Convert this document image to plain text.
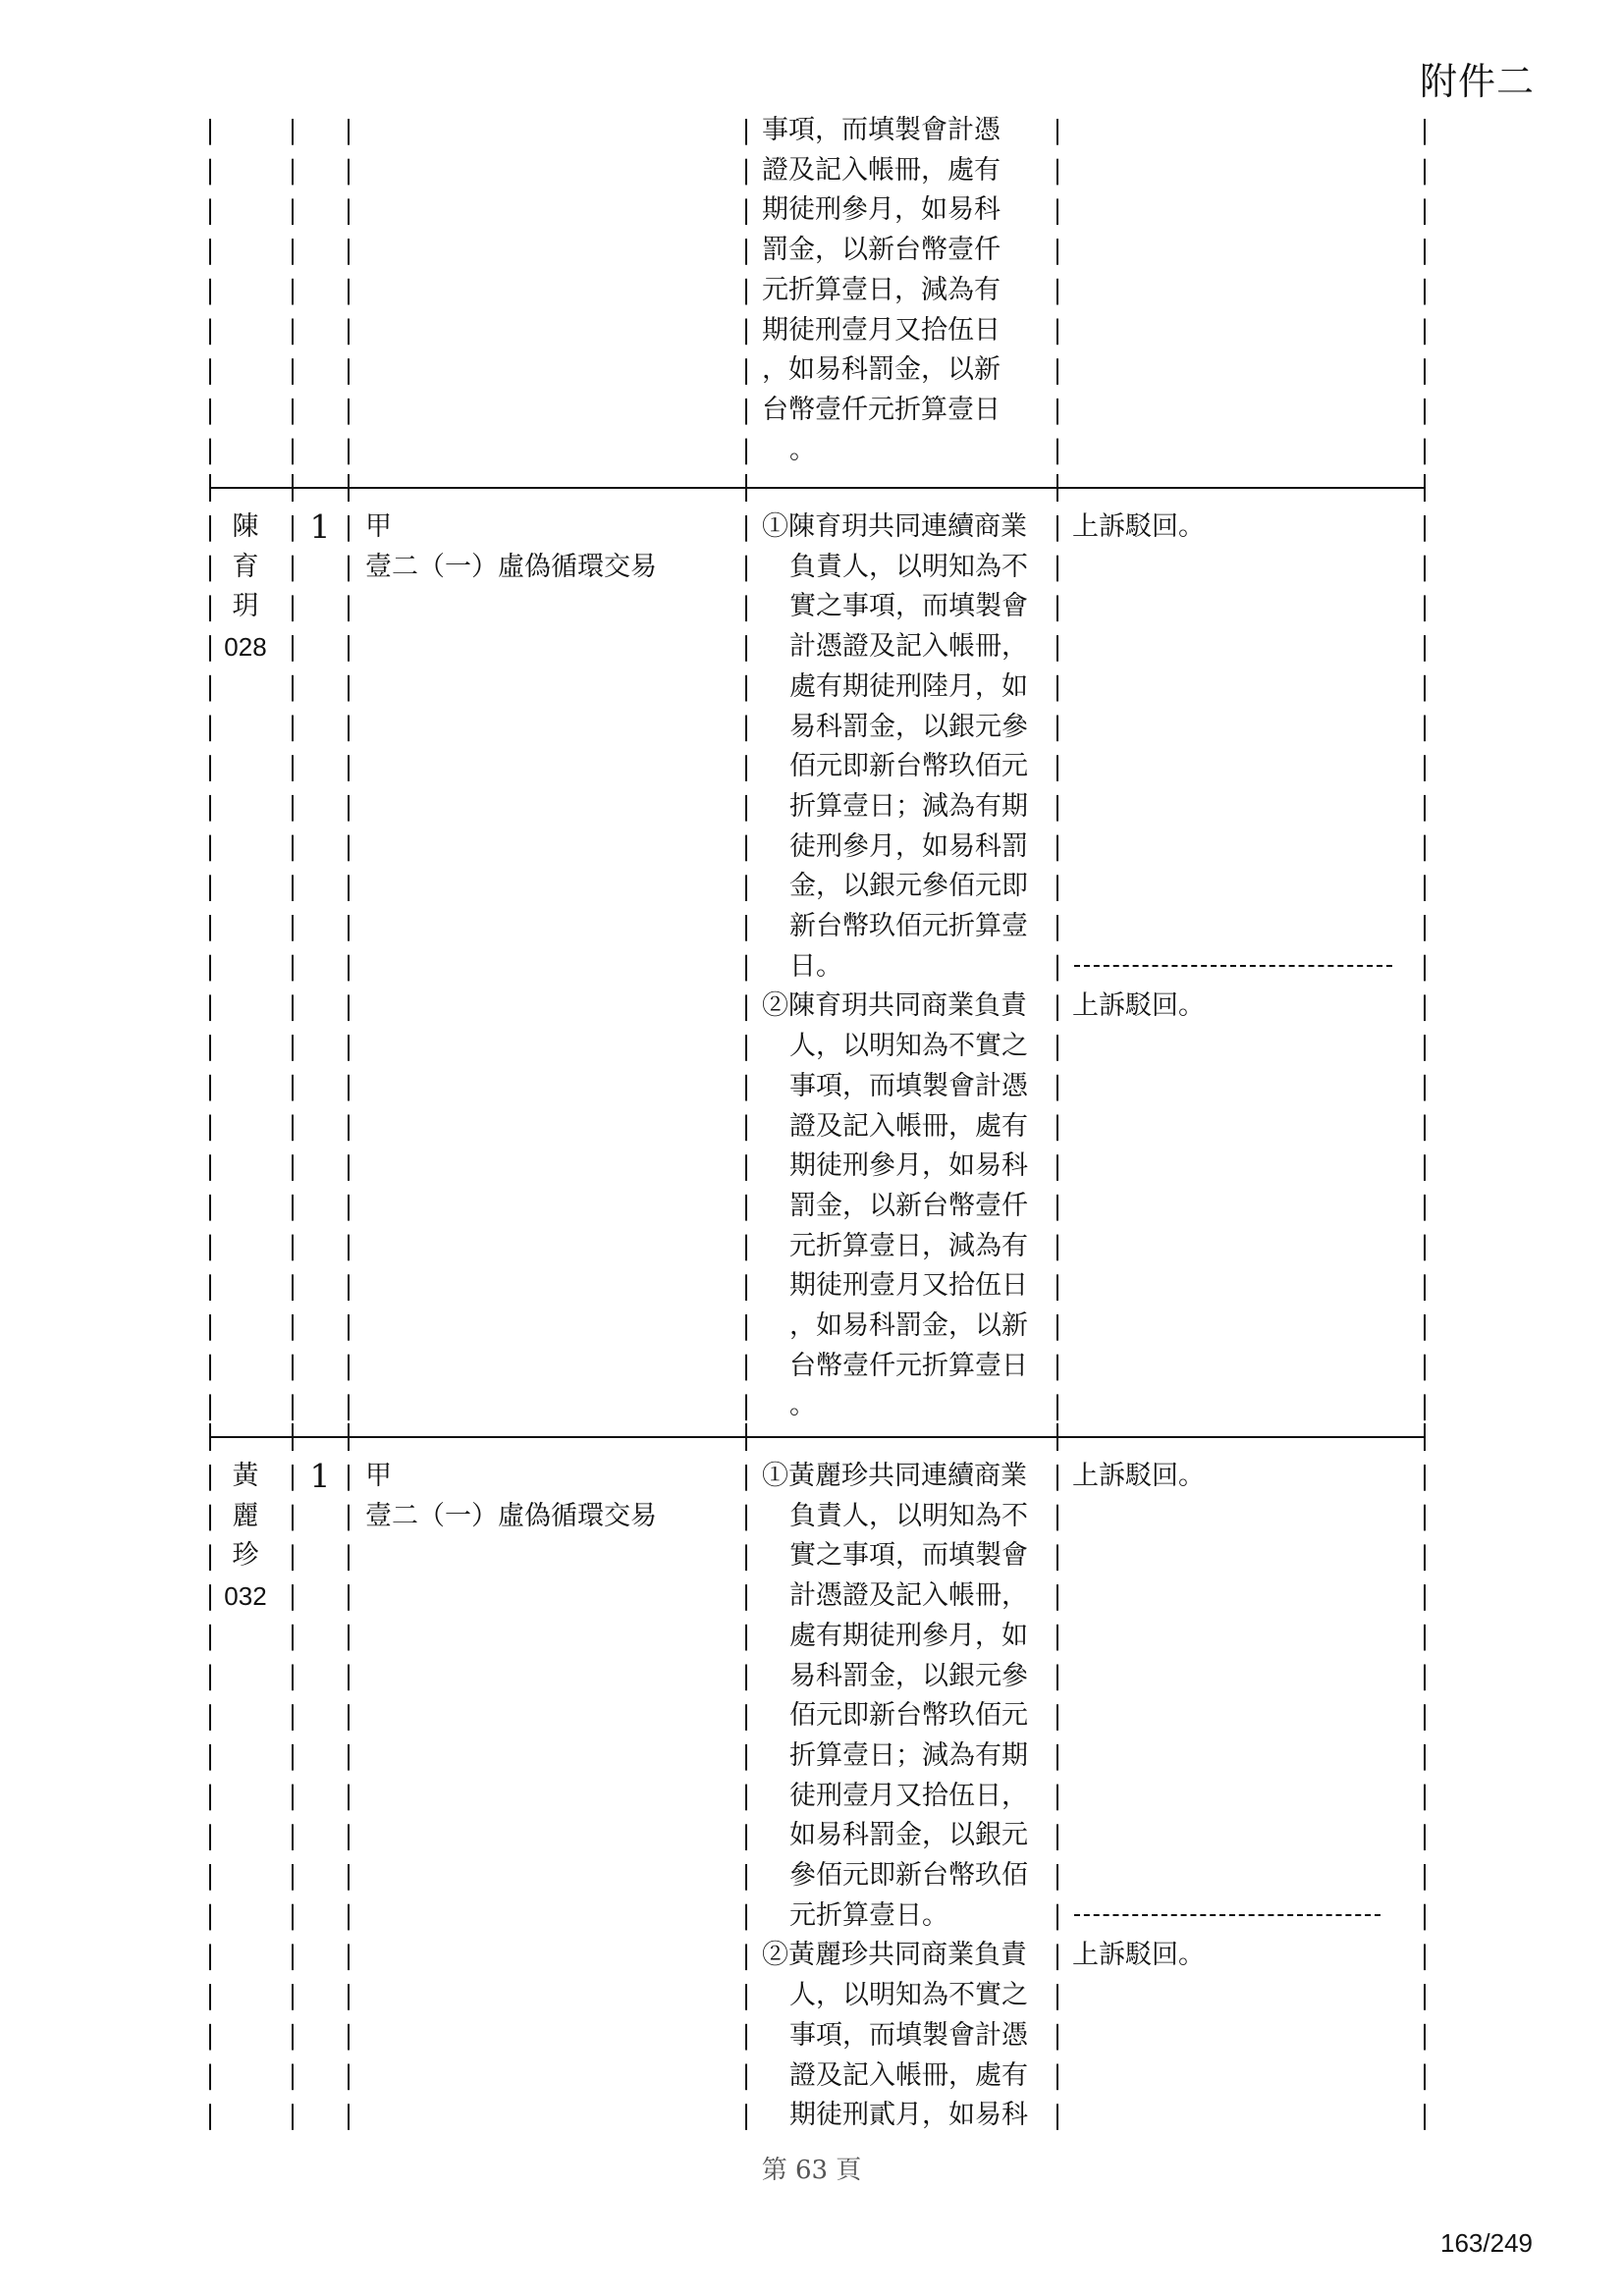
附件二
事項，而填製會計憑
證及記入帳冊，處有
期徒刑參月，如易科
罰金，以新台幣壹仟
元折算壹日，減為有
期徒刑壹月又拾伍日
，如易科罰金，以新
台幣壹仟元折算壹日
。
陳
育
玥
028
1	甲
壹二（一）虛偽循環交易
①陳育玥共同連續商業
負責人，以明知為不
實之事項，而填製會
計憑證及記入帳冊，
處有期徒刑陸月，如
易科罰金，以銀元參
佰元即新台幣玖佰元
折算壹日；減為有期
徒刑參月，如易科罰
金，以銀元參佰元即
新台幣玖佰元折算壹
日。
②陳育玥共同商業負責
人，以明知為不實之
事項，而填製會計憑
證及記入帳冊，處有
期徒刑參月，如易科
罰金，以新台幣壹仟
元折算壹日，減為有
期徒刑壹月又拾伍日
，如易科罰金，以新
台幣壹仟元折算壹日
。
上訴駁回。
上訴駁回。
黃
麗
珍
032
1	甲
壹二（一）虛偽循環交易
①黃麗珍共同連續商業
負責人，以明知為不
實之事項，而填製會
計憑證及記入帳冊，
處有期徒刑參月，如
易科罰金，以銀元參
佰元即新台幣玖佰元
折算壹日；減為有期
徒刑壹月又拾伍日，
如易科罰金，以銀元
參佰元即新台幣玖佰
元折算壹日。
②黃麗珍共同商業負責
人，以明知為不實之
事項，而填製會計憑
證及記入帳冊，處有
期徒刑貳月，如易科
上訴駁回。
上訴駁回。
第 63 頁
163/249
